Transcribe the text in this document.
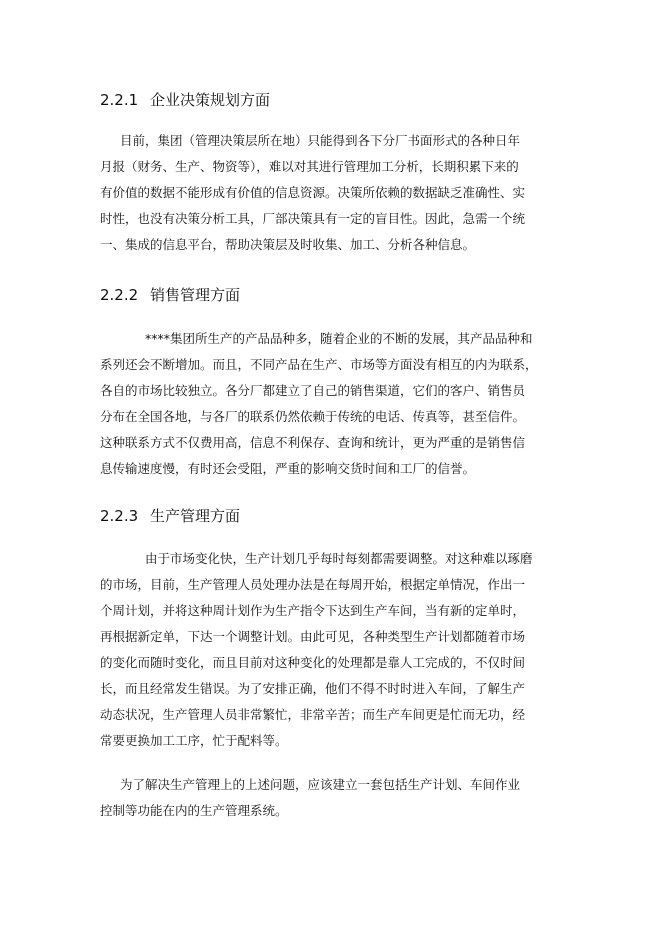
2.2.1 企业决策规划方面
目前，集团（管理决策层所在地）只能得到各下分厂书面形式的各种日年
月报（财务、生产、物资等），难以对其进行管理加工分析，长期积累下来的
有价值的数据不能形成有价值的信息资源。决策所依赖的数据缺乏准确性、实
时性，也没有决策分析工具，厂部决策具有一定的盲目性。因此，急需一个统
一、集成的信息平台，帮助决策层及时收集、加工、分析各种信息。
2.2.2 销售管理方面
****集团所生产的产品品种多，随着企业的不断的发展，其产品品种和
系列还会不断增加。而且，不同产品在生产、市场等方面没有相互的内为联系，
各自的市场比较独立。各分厂都建立了自己的销售渠道，它们的客户、销售员
分布在全国各地，与各厂的联系仍然依赖于传统的电话、传真等，甚至信件。
这种联系方式不仅费用高，信息不利保存、查询和统计，更为严重的是销售信
息传输速度慢，有时还会受阻，严重的影响交货时间和工厂的信誉。
2.2.3 生产管理方面
由于市场变化快，生产计划几乎每时每刻都需要调整。对这种难以琢磨
的市场，目前，生产管理人员处理办法是在每周开始，根据定单情况，作出一
个周计划，并将这种周计划作为生产指令下达到生产车间，当有新的定单时，
再根据新定单，下达一个调整计划。由此可见，各种类型生产计划都随着市场
的变化而随时变化，而且目前对这种变化的处理都是靠人工完成的，不仅时间
长，而且经常发生错误。为了安排正确，他们不得不时时进入车间，了解生产
动态状况，生产管理人员非常繁忙，非常辛苦；而生产车间更是忙而无功，经
常要更换加工工序，忙于配料等。
为了解决生产管理上的上述问题，应该建立一套包括生产计划、车间作业
控制等功能在内的生产管理系统。
